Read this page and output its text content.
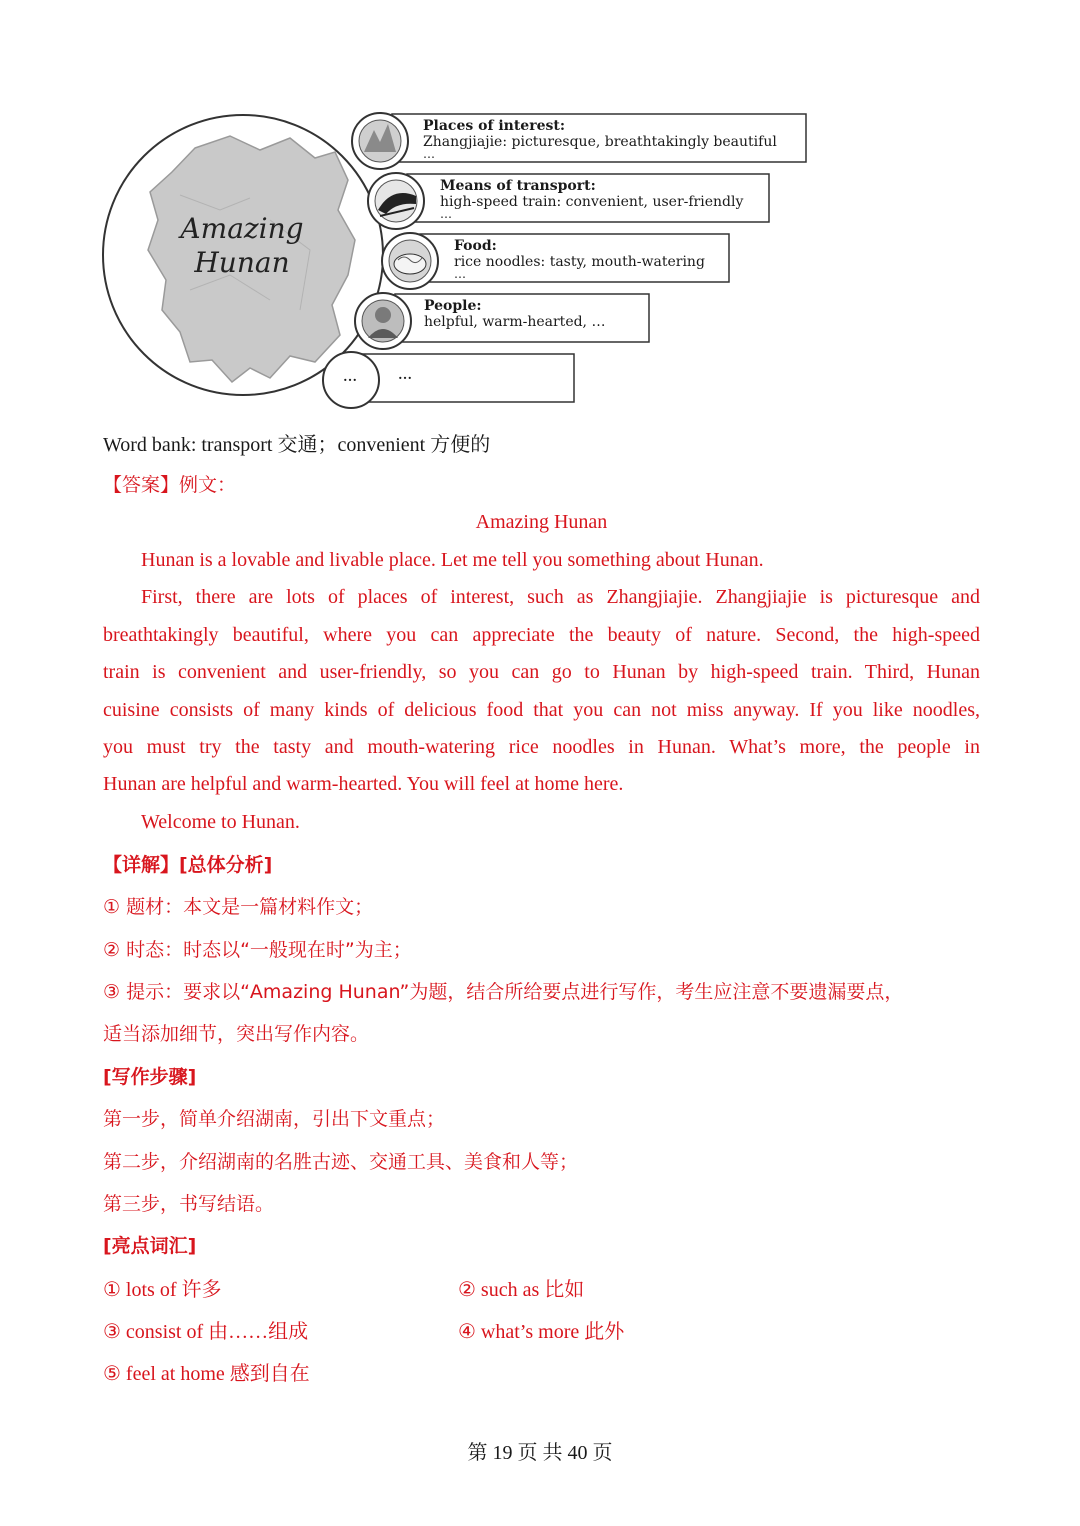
Amazing
Hunan
Places of interest:
Zhangjiajie: picturesque, breathtakingly beautiful
…
Means of transport:
high-speed train: convenient, user-friendly
…
Food:
rice noodles: tasty, mouth-watering
…
People:
helpful, warm-hearted, …
…	…
Word bank: transport 交通；convenient 方便的
【答案】例文：
Amazing Hunan
Hunan is a lovable and livable place. Let me tell you something about Hunan.
First, there are lots of places of interest, such as Zhangjiajie. Zhangjiajie is picturesque and
breathtakingly beautiful, where you can appreciate the beauty of nature. Second, the high-speed
train is convenient and user-friendly, so you can go to Hunan by high-speed train. Third, Hunan
cuisine consists of many kinds of delicious food that you can not miss anyway. If you like noodles,
you must try the tasty and mouth-watering rice noodles in Hunan. What’s more, the people in
Hunan are helpful and warm-hearted. You will feel at home here.
Welcome to Hunan.
【详解】[总体分析]
① 题材：本文是一篇材料作文；
② 时态：时态以“一般现在时”为主；
③ 提示：要求以“Amazing Hunan”为题，结合所给要点进行写作，考生应注意不要遗漏要点，
适当添加细节，突出写作内容。
[写作步骤]
第一步，简单介绍湖南，引出下文重点；
第二步，介绍湖南的名胜古迹、交通工具、美食和人等；
第三步，书写结语。
[亮点词汇]
① lots of 许多	② such as 比如
③ consist of 由……组成	④ what’s more 此外
⑤ feel at home 感到自在
第 19 页 共 40 页
